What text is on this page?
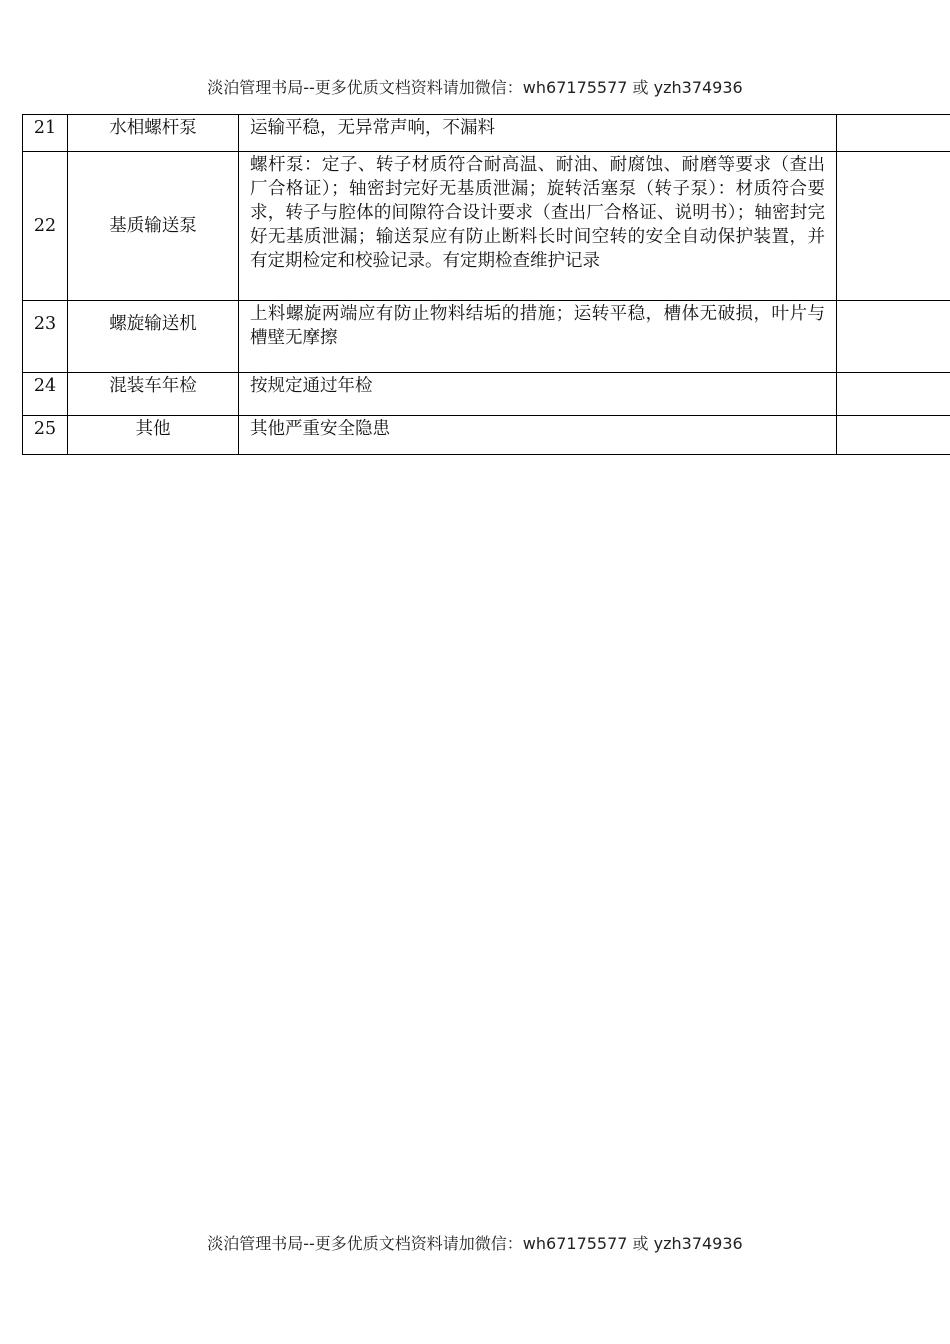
淡泊管理书局--更多优质文档资料请加微信：wh67175577 或 yzh374936
21	水相螺杆泵	运输平稳，无异常声响，不漏料	
22	基质输送泵	螺杆泵：定子、转子材质符合耐高温、耐油、耐腐蚀、耐磨等要求（查出厂合格证）；轴密封完好无基质泄漏；旋转活塞泵（转子泵）：材质符合要求，转子与腔体的间隙符合设计要求（查出厂合格证、说明书）；轴密封完好无基质泄漏；输送泵应有防止断料长时间空转的安全自动保护装置，并有定期检定和校验记录。有定期检查维护记录	
23	螺旋输送机	上料螺旋两端应有防止物料结垢的措施；运转平稳，槽体无破损，叶片与槽壁无摩擦	
24	混装车年检	按规定通过年检	
25	其他	其他严重安全隐患	
淡泊管理书局--更多优质文档资料请加微信：wh67175577 或 yzh374936
